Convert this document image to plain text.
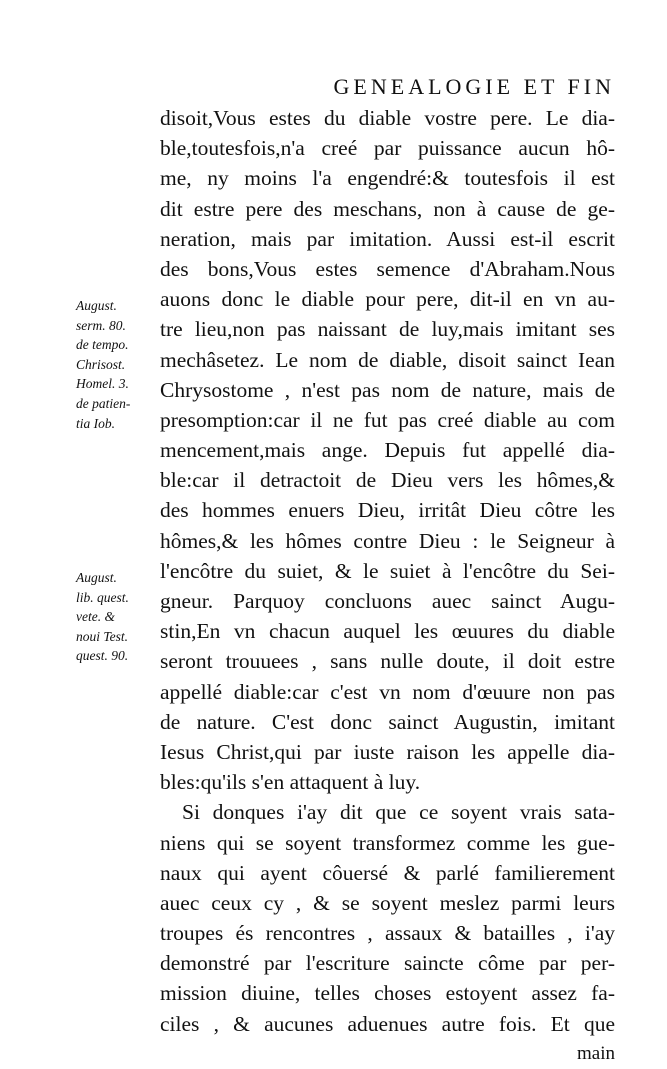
GENEALOGIE ET FIN
disoit,Vous estes du diable vostre pere. Le dia-
ble,toutesfois,n'a creé par puissance aucun hô-
me, ny moins l'a engendré:& toutesfois il est
dit estre pere des meschans, non à cause de ge-
neration, mais par imitation. Aussi est-il escrit
des bons,Vous estes semence d'Abraham.Nous
auons donc le diable pour pere, dit-il en vn au-
tre lieu,non pas naissant de luy,mais imitant ses
mechâsetez. Le nom de diable, disoit sainct Iean
Chrysostome , n'est pas nom de nature, mais de
presomption:car il ne fut pas creé diable au com
mencement,mais ange. Depuis fut appellé dia-
ble:car il detractoit de Dieu vers les hômes,&
des hommes enuers Dieu, irritât Dieu côtre les
hômes,& les hômes contre Dieu : le Seigneur à
l'encôtre du suiet, & le suiet à l'encôtre du Sei-
gneur. Parquoy concluons auec sainct Augu-
stin,En vn chacun auquel les œuures du diable
seront trouuees , sans nulle doute, il doit estre
appellé diable:car c'est vn nom d'œuure non pas
de nature. C'est donc sainct Augustin, imitant
Iesus Christ,qui par iuste raison les appelle dia-
bles:qu'ils s'en attaquent à luy.
Si donques i'ay dit que ce soyent vrais sata-
niens qui se soyent transformez comme les gue-
naux qui ayent côuersé & parlé familierement
auec ceux cy , & se soyent meslez parmi leurs
troupes és rencontres , assaux & batailles , i'ay
demonstré par l'escriture saincte côme par per-
mission diuine, telles choses estoyent assez fa-
ciles , & aucunes aduenues autre fois. Et que
main
August.
serm. 80.
de tempo.
Chrisost.
Homel. 3.
de patien-
tia Iob.
August.
lib. quest.
vete. &
noui Test.
quest. 90.
